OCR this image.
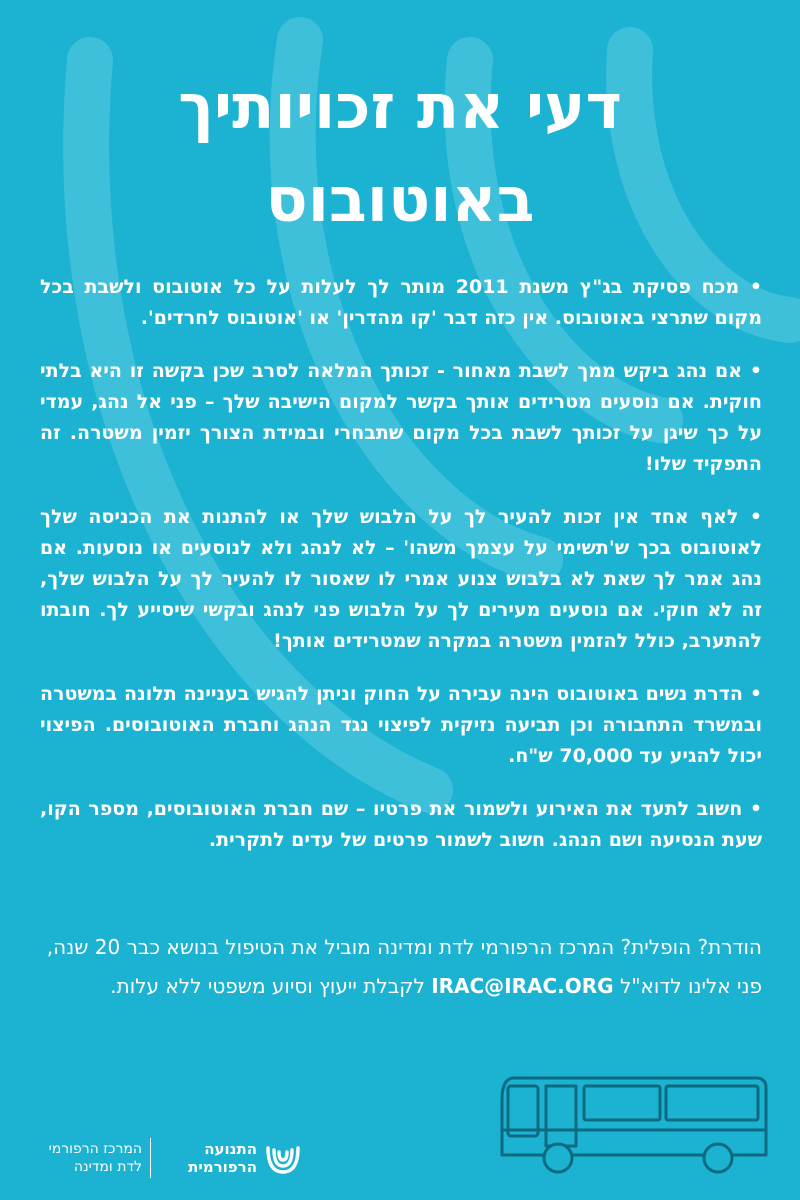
דעי את זכויותיך
באוטובוס

• מכח פסיקת בג"ץ משנת 2011 מותר לך לעלות על כל אוטובוס ולשבת בכל מקום שתרצי באוטובוס. אין כזה דבר 'קו מהדרין' או 'אוטובוס לחרדים'.

• אם נהג ביקש ממך לשבת מאחור - זכותך המלאה לסרב שכן בקשה זו היא בלתי חוקית. אם נוסעים מטרידים אותך בקשר למקום הישיבה שלך – פני אל נהג, עמדי על כך שיגן על זכותך לשבת בכל מקום שתבחרי ובמידת הצורך יזמין משטרה. זה התפקיד שלו!

• לאף אחד אין זכות להעיר לך על הלבוש שלך או להתנות את הכניסה שלך לאוטובוס בכך ש'תשימי על עצמך משהו' – לא לנהג ולא לנוסעים או נוסעות. אם נהג אמר לך שאת לא בלבוש צנוע אמרי לו שאסור לו להעיר לך על הלבוש שלך, זה לא חוקי. אם נוסעים מעירים לך על הלבוש פני לנהג ובקשי שיסייע לך. חובתו להתערב, כולל להזמין משטרה במקרה שמטרידים אותך!

• הדרת נשים באוטובוס הינה עבירה על החוק וניתן להגיש בעניינה תלונה במשטרה ובמשרד התחבורה וכן תביעה נזיקית לפיצוי נגד הנהג וחברת האוטובוסים. הפיצוי יכול להגיע עד 70,000 ש"ח.

• חשוב לתעד את האירוע ולשמור את פרטיו – שם חברת האוטובוסים, מספר הקו, שעת הנסיעה ושם הנהג. חשוב לשמור פרטים של עדים לתקרית.

הודרת? הופלית? המרכז הרפורמי לדת ומדינה מוביל את הטיפול בנושא כבר 20 שנה, פני אלינו לדוא"ל IRAC@IRAC.ORG לקבלת ייעוץ וסיוע משפטי ללא עלות.
המרכז הרפורמי
לדת ומדינה
התנועה
הרפורמית
